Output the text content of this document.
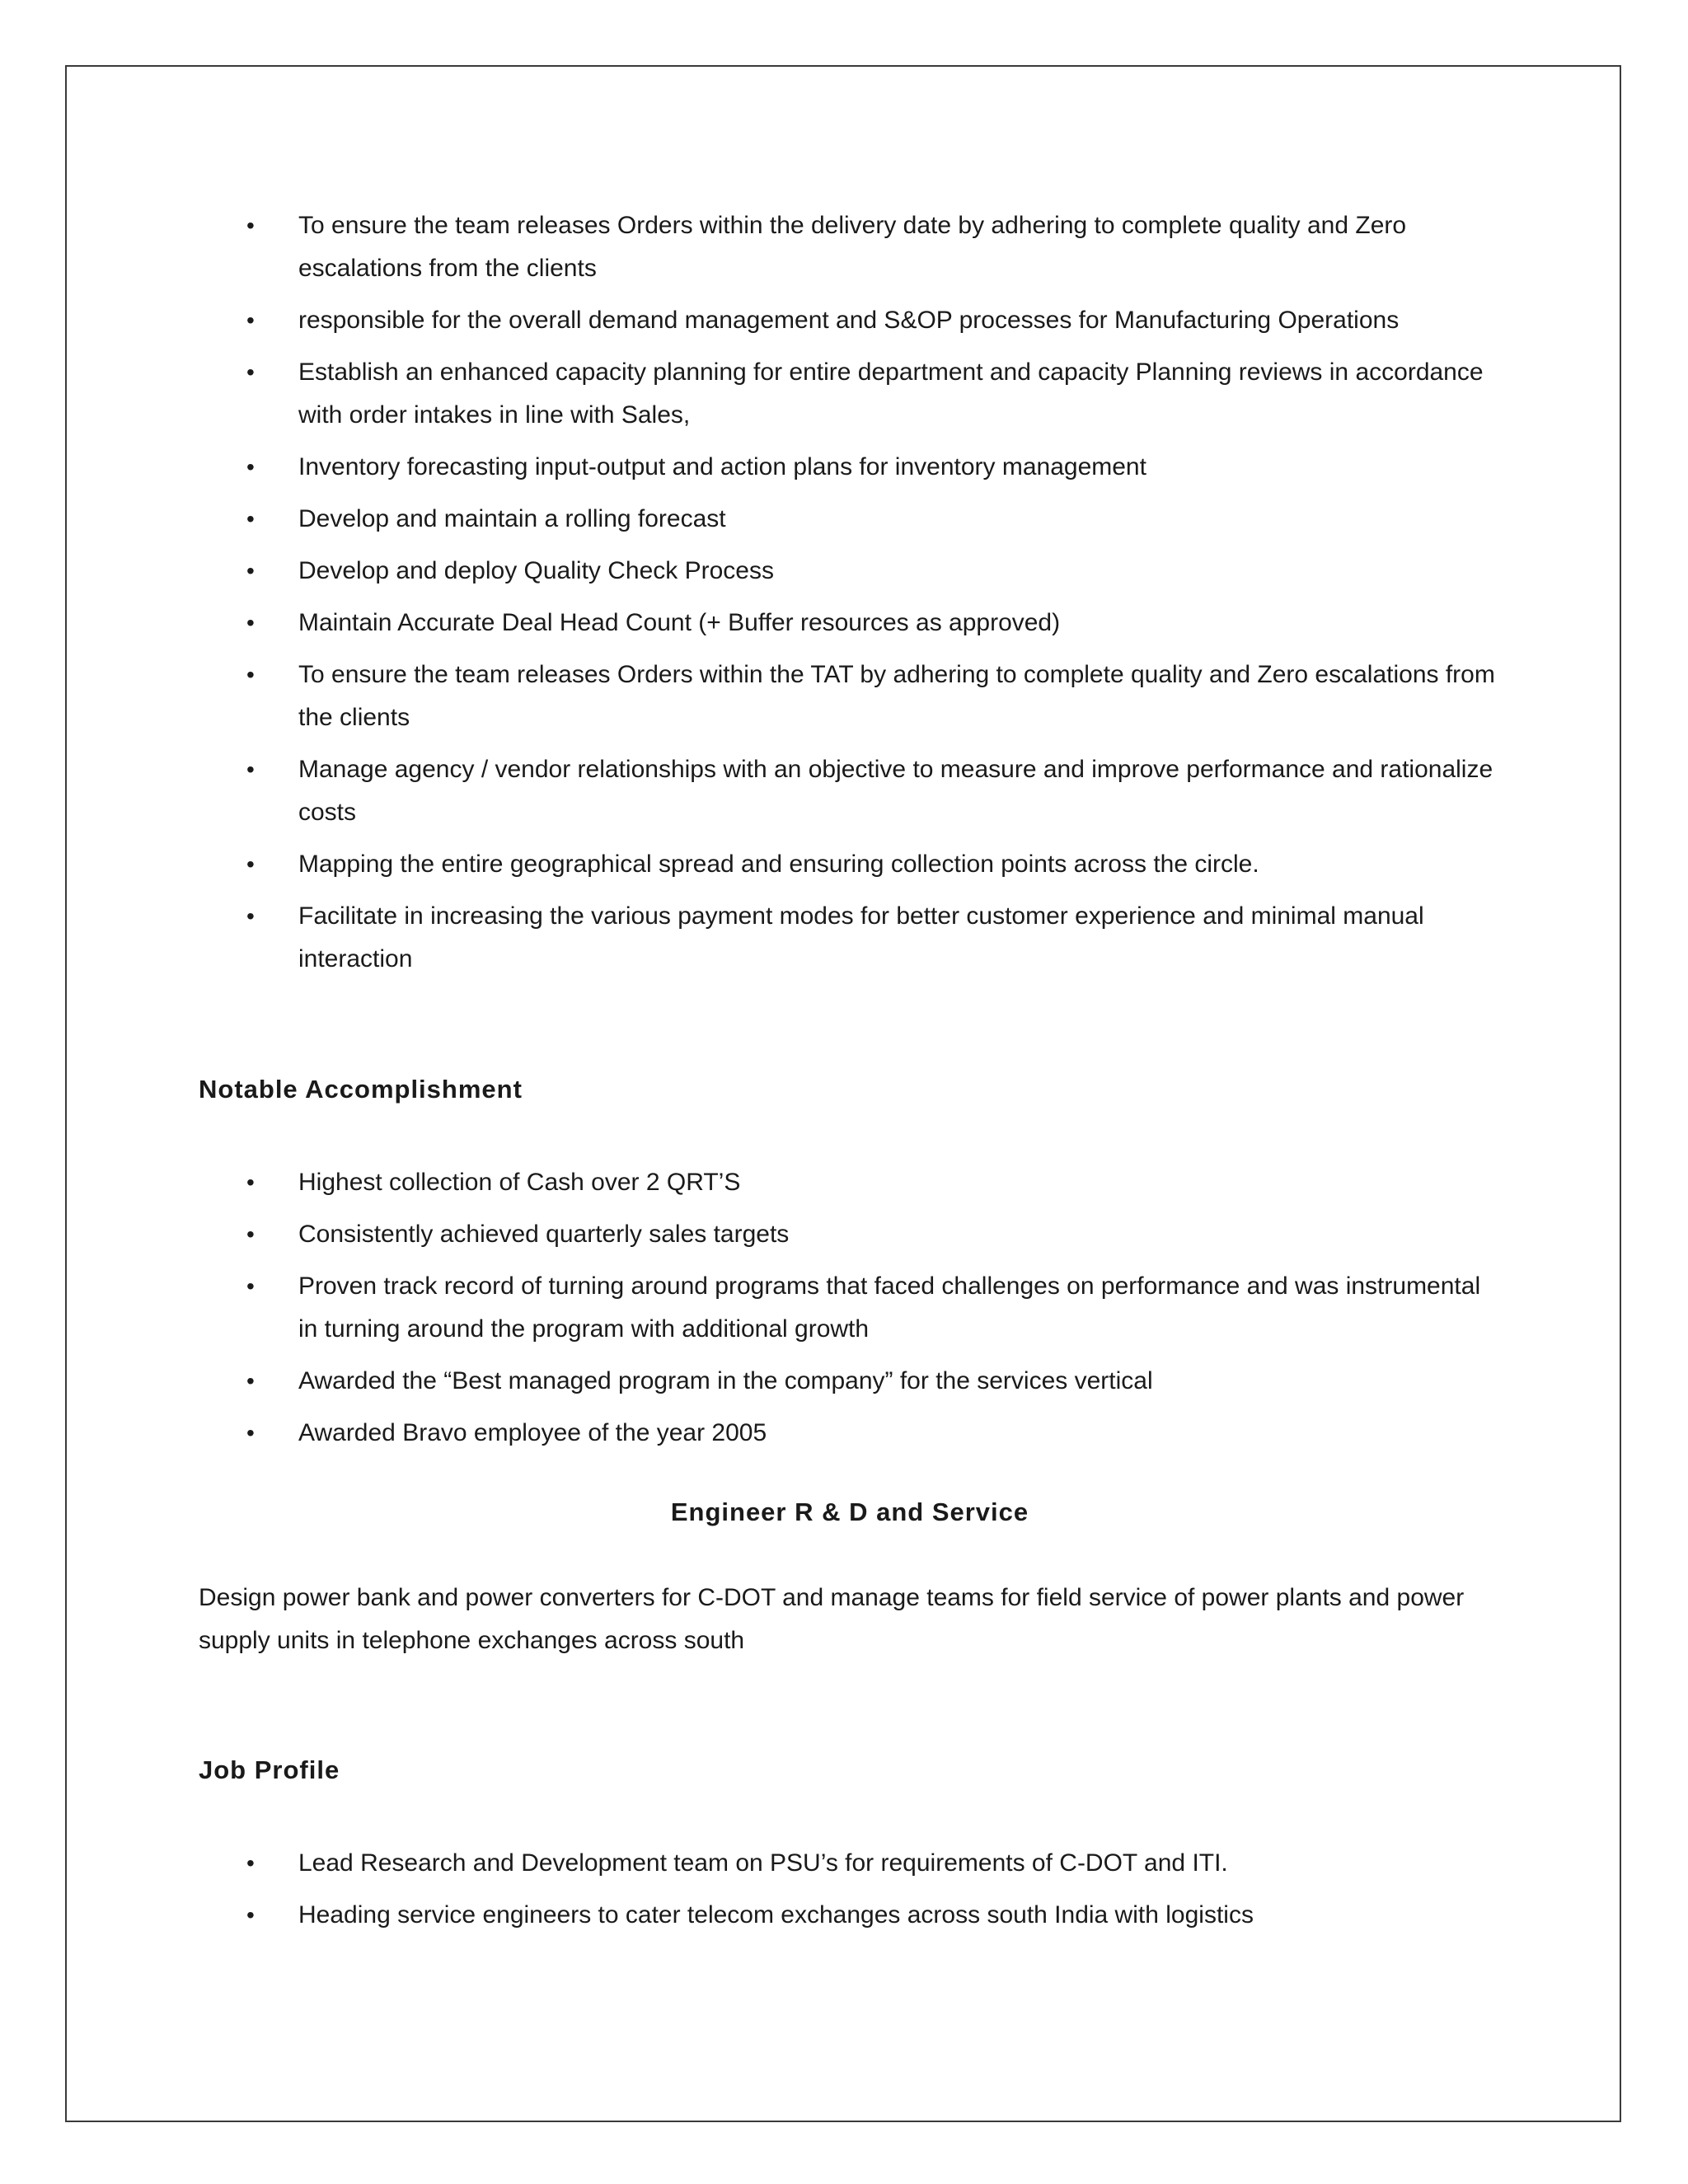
• To ensure the team releases Orders within the delivery date by adhering to complete quality and Zero escalations from the clients
• responsible for the overall demand management and S&OP processes for Manufacturing Operations
• Establish an enhanced capacity planning for entire department and capacity Planning reviews in accordance with order intakes in line with Sales,
• Inventory forecasting input-output and action plans for inventory management
• Develop and maintain a rolling forecast
• Develop and deploy Quality Check Process
• Maintain Accurate Deal Head Count (+ Buffer resources as approved)
• To ensure the team releases Orders within the TAT by adhering to complete quality and Zero escalations from the clients
• Manage agency / vendor relationships with an objective to measure and improve performance and rationalize costs
• Mapping the entire geographical spread and ensuring collection points across the circle.
• Facilitate in increasing the various payment modes for better customer experience and minimal manual interaction
Notable Accomplishment
• Highest collection of Cash over 2 QRT’S
• Consistently achieved quarterly sales targets
• Proven track record of turning around programs that faced challenges on performance and was instrumental in turning around the program with additional growth
• Awarded the “Best managed program in the company” for the services vertical
• Awarded Bravo employee of the year 2005
Engineer R & D and Service

Design power bank and power converters for C-DOT and manage teams for field service of power plants and power supply units in telephone exchanges across south

Job Profile
• Lead Research and Development team on PSU’s for requirements of C-DOT and ITI.
• Heading service engineers to cater telecom exchanges across south India with logistics
